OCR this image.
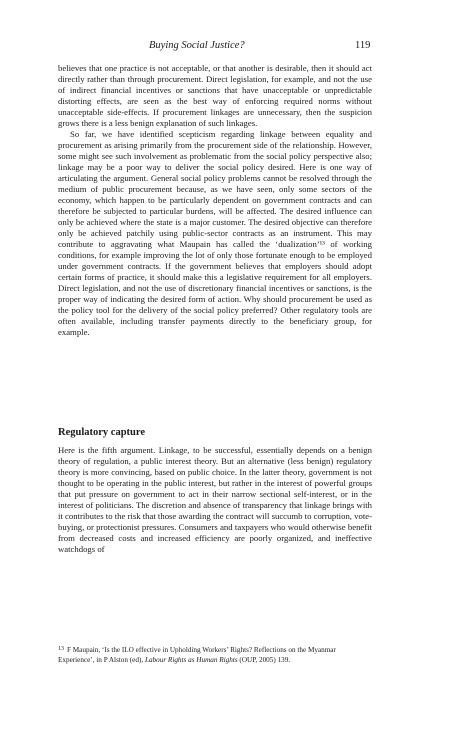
Buying Social Justice?	119

believes that one practice is not acceptable, or that another is desirable, then it should act directly rather than through procurement. Direct legislation, for example, and not the use of indirect financial incentives or sanctions that have unacceptable or unpredictable distorting effects, are seen as the best way of enforcing required norms without unacceptable side-effects. If procurement linkages are unnecessary, then the suspicion grows there is a less benign explanation of such linkages.

So far, we have identified scepticism regarding linkage between equality and procurement as arising primarily from the procurement side of the relationship. However, some might see such involvement as problematic from the social policy perspective also; linkage may be a poor way to deliver the social policy desired. Here is one way of articulating the argument. General social policy problems cannot be resolved through the medium of public procurement because, as we have seen, only some sectors of the economy, which happen to be particularly dependent on government contracts and can therefore be subjected to particular burdens, will be affected. The desired influence can only be achieved where the state is a major customer. The desired objective can therefore only be achieved patchily using public-sector contracts as an instrument. This may contribute to aggravating what Maupain has called the ‘dualization’¹³ of working conditions, for example improving the lot of only those fortunate enough to be employed under government contracts. If the government believes that employers should adopt certain forms of practice, it should make this a legislative requirement for all employers. Direct legislation, and not the use of discretionary financial incentives or sanctions, is the proper way of indicating the desired form of action. Why should procurement be used as the policy tool for the delivery of the social policy preferred? Other regulatory tools are often available, including transfer payments directly to the beneficiary group, for example.

Regulatory capture

Here is the fifth argument. Linkage, to be successful, essentially depends on a benign theory of regulation, a public interest theory. But an alternative (less benign) regulatory theory is more convincing, based on public choice. In the latter theory, government is not thought to be operating in the public interest, but rather in the interest of powerful groups that put pressure on government to act in their narrow sectional self-interest, or in the interest of politicians. The discretion and absence of transparency that linkage brings with it contributes to the risk that those awarding the contract will succumb to corruption, vote-buying, or protectionist pressures. Consumers and taxpayers who would otherwise benefit from decreased costs and increased efficiency are poorly organized, and ineffective watchdogs of

$^{13}$ F Maupain, ‘Is the ILO effective in Upholding Workers’ Rights? Reflections on the Myanmar Experience’, in P Alston (ed), Labour Rights as Human Rights (OUP, 2005) 139.
